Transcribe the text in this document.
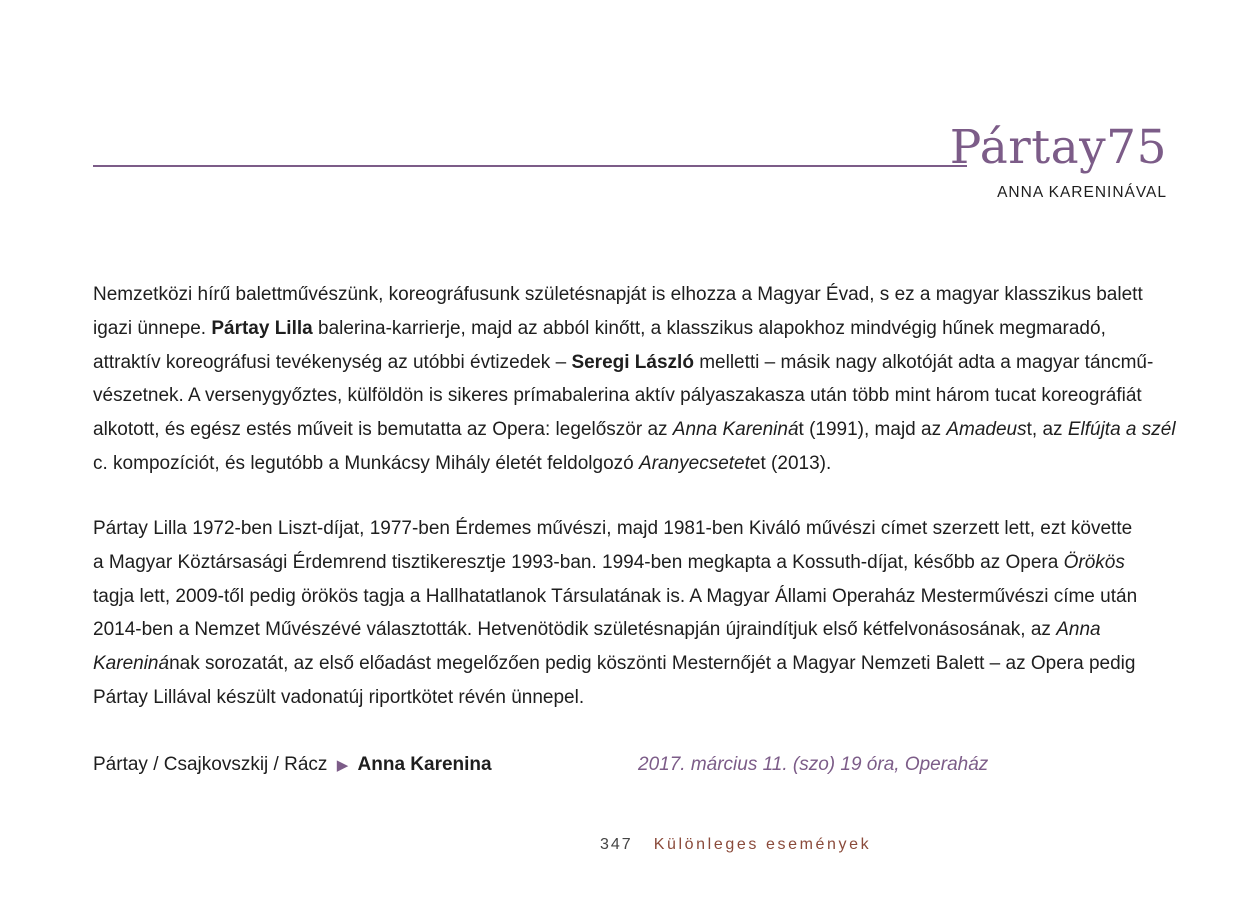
Pártay75
ANNA KARENINÁVAL
Nemzetközi hírű balettművészünk, koreográfusunk születésnapját is elhozza a Magyar Évad, s ez a magyar klasszikus balett
igazi ünnepe. Pártay Lilla balerina-karrierje, majd az abból kinőtt, a klasszikus alapokhoz mindvégig hűnek megmaradó,
attraktív koreográfusi tevékenység az utóbbi évtizedek – Seregi László melletti – másik nagy alkotóját adta a magyar táncmű-
vészetnek. A versenygyőztes, külföldön is sikeres prímabalerina aktív pályaszakasza után több mint három tucat koreográfiát
alkotott, és egész estés műveit is bemutatta az Opera: legelőször az Anna Kareninát (1991), majd az Amadeust, az Elfújta a szél
c. kompozíciót, és legutóbb a Munkácsy Mihály életét feldolgozó Aranyecsetetet (2013).
Pártay Lilla 1972-ben Liszt-díjat, 1977-ben Érdemes művészi, majd 1981-ben Kiváló művészi címet szerzett lett, ezt követte
a Magyar Köztársasági Érdemrend tisztikeresztje 1993-ban. 1994-ben megkapta a Kossuth-díjat, később az Opera Örökös
tagja lett, 2009-től pedig örökös tagja a Hallhatatlanok Társulatának is. A Magyar Állami Operaház Mesterművészi címe után
2014-ben a Nemzet Művészévé választották. Hetvenötödik születésnapján újraindítjuk első kétfelvonásosának, az Anna
Kareninának sorozatát, az első előadást megelőzően pedig köszönti Mesternőjét a Magyar Nemzeti Balett – az Opera pedig
Pártay Lillával készült vadonatúj riportkötet révén ünnepel.
Pártay / Csajkovszkij / Rácz ▶ Anna Karenina	2017. március 11. (szo) 19 óra, Operaház
347 Különleges események
